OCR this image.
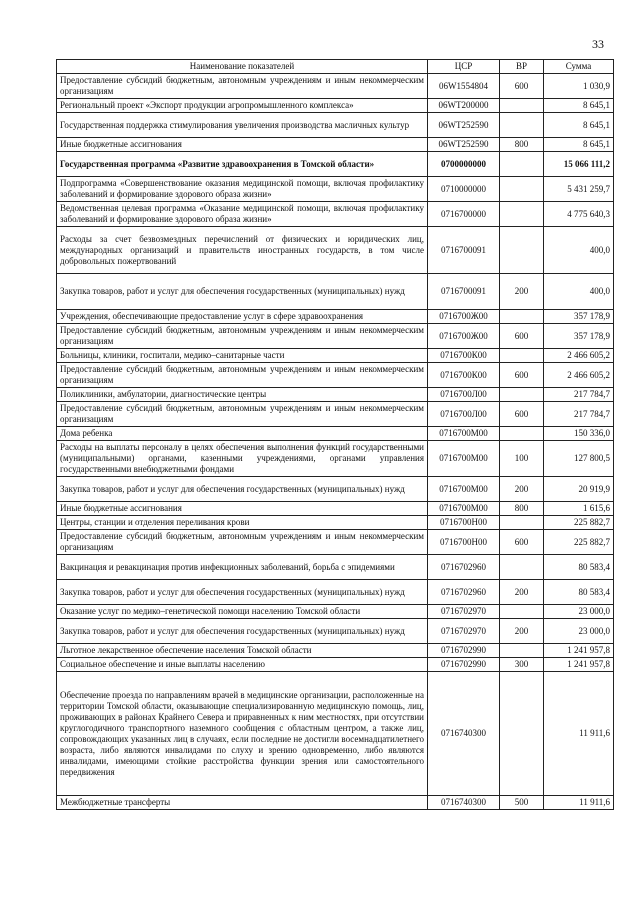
33
Наименование показателей	ЦСР	ВР	Сумма
Предоставление субсидий бюджетным, автономным учреждениям и иным некоммерческим организациям	06W1554804	600	1 030,9
Региональный проект «Экспорт продукции агропромышленного комплекса»	06WT200000		8 645,1
Государственная поддержка стимулирования увеличения производства масличных культур	06WT252590		8 645,1
Иные бюджетные ассигнования	06WT252590	800	8 645,1
Государственная программа «Развитие здравоохранения в Томской области»	0700000000		15 066 111,2
Подпрограмма «Совершенствование оказания медицинской помощи, включая профилактику заболеваний и формирование здорового образа жизни»	0710000000		5 431 259,7
Ведомственная целевая программа «Оказание медицинской помощи, включая профилактику заболеваний и формирование здорового образа жизни»	0716700000		4 775 640,3
Расходы за счет безвозмездных перечислений от физических и юридических лиц, международных организаций и правительств иностранных государств, в том числе добровольных пожертвований	0716700091		400,0
Закупка товаров, работ и услуг для обеспечения государственных (муниципальных) нужд	0716700091	200	400,0
Учреждения, обеспечивающие предоставление услуг в сфере здравоохранения	0716700Ж00		357 178,9
Предоставление субсидий бюджетным, автономным учреждениям и иным некоммерческим организациям	0716700Ж00	600	357 178,9
Больницы, клиники, госпитали, медико–санитарные части	0716700К00		2 466 605,2
Предоставление субсидий бюджетным, автономным учреждениям и иным некоммерческим организациям	0716700К00	600	2 466 605,2
Поликлиники, амбулатории, диагностические центры	0716700Л00		217 784,7
Предоставление субсидий бюджетным, автономным учреждениям и иным некоммерческим организациям	0716700Л00	600	217 784,7
Дома ребенка	0716700М00		150 336,0
Расходы на выплаты персоналу в целях обеспечения выполнения функций государственными (муниципальными) органами, казенными учреждениями, органами управления государственными внебюджетными фондами	0716700М00	100	127 800,5
Закупка товаров, работ и услуг для обеспечения государственных (муниципальных) нужд	0716700М00	200	20 919,9
Иные бюджетные ассигнования	0716700М00	800	1 615,6
Центры, станции и отделения переливания крови	0716700Н00		225 882,7
Предоставление субсидий бюджетным, автономным учреждениям и иным некоммерческим организациям	0716700Н00	600	225 882,7
Вакцинация и ревакцинация против инфекционных заболеваний, борьба с эпидемиями	0716702960		80 583,4
Закупка товаров, работ и услуг для обеспечения государственных (муниципальных) нужд	0716702960	200	80 583,4
Оказание услуг по медико–генетической помощи населению Томской области	0716702970		23 000,0
Закупка товаров, работ и услуг для обеспечения государственных (муниципальных) нужд	0716702970	200	23 000,0
Льготное лекарственное обеспечение населения Томской области	0716702990		1 241 957,8
Социальное обеспечение и иные выплаты населению	0716702990	300	1 241 957,8
Обеспечение проезда по направлениям врачей в медицинские организации, расположенные на территории Томской области, оказывающие специализированную медицинскую помощь, лиц, проживающих в районах Крайнего Севера и приравненных к ним местностях, при отсутствии круглогодичного транспортного наземного сообщения с областным центром, а также лиц, сопровождающих указанных лиц в случаях, если последние не достигли восемнадцатилетнего возраста, либо являются инвалидами по слуху и зрению одновременно, либо являются инвалидами, имеющими стойкие расстройства функции зрения или самостоятельного передвижения	0716740300		11 911,6
Межбюджетные трансферты	0716740300	500	11 911,6
